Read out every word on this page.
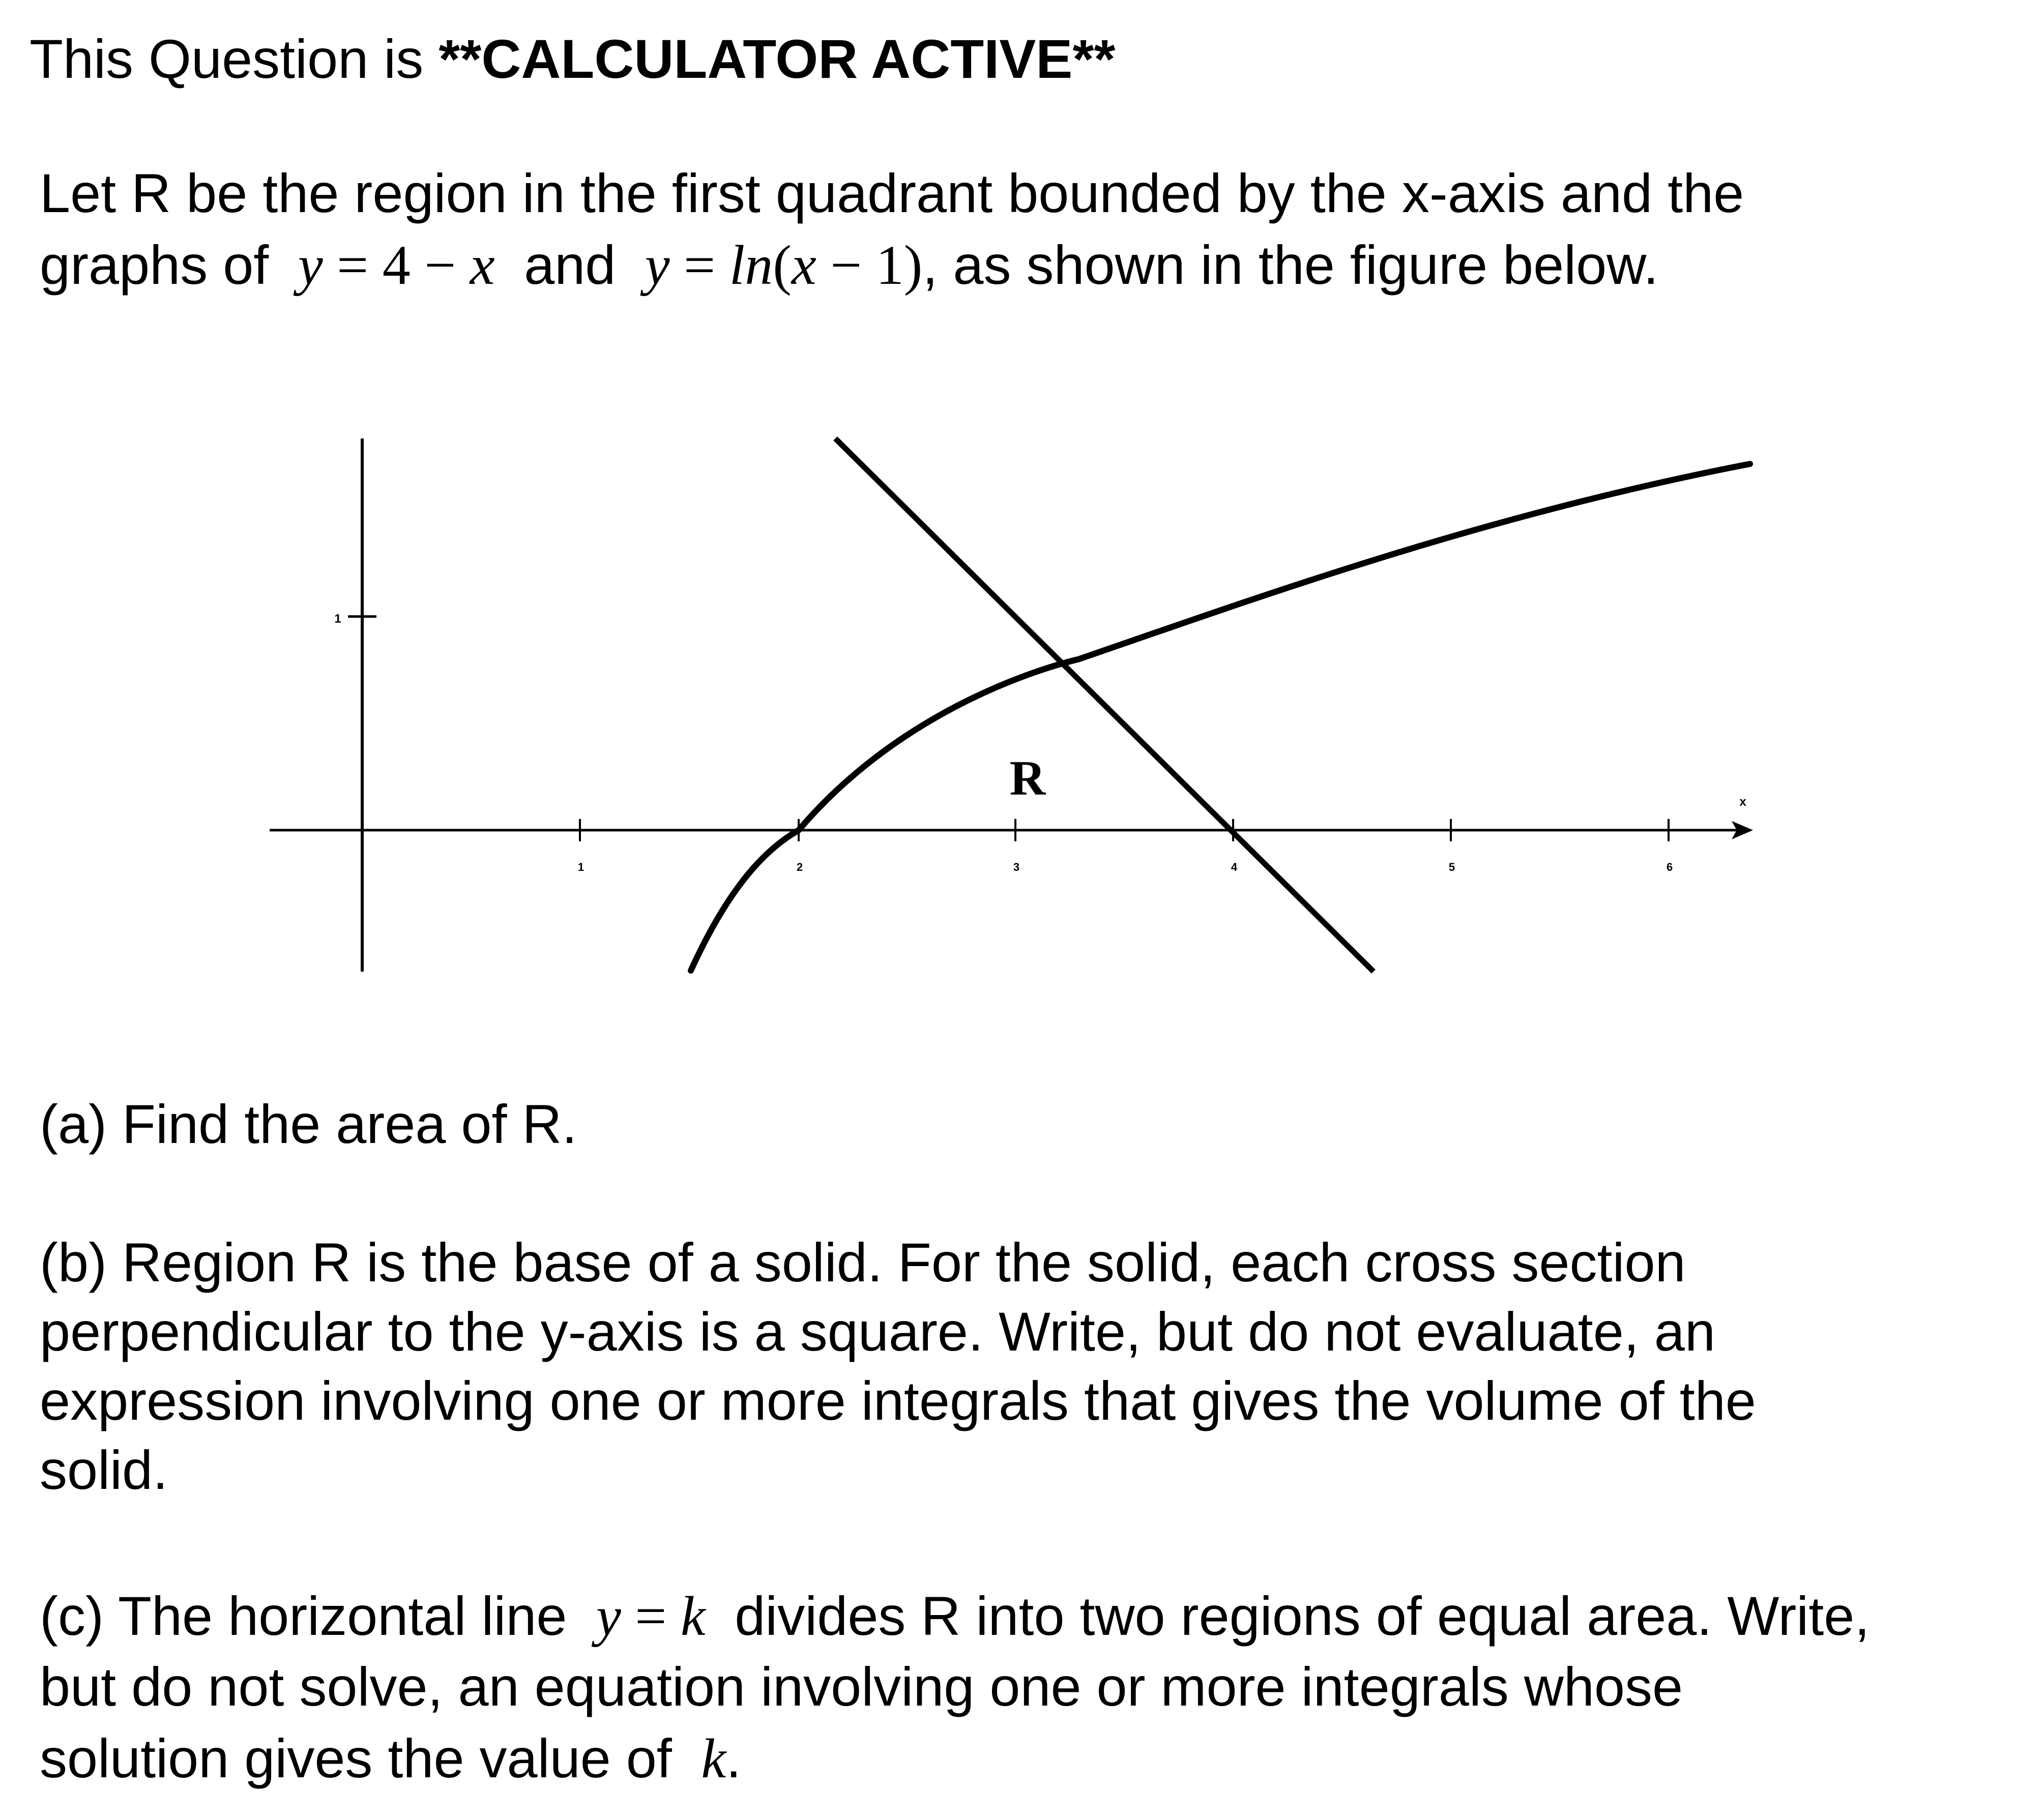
This Question is **CALCULATOR ACTIVE**
Let R be the region in the first quadrant bounded by the x-axis and the
graphs of y = 4 − x and y = ln(x − 1), as shown in the figure below.
1
x
1	2	3	4	5	6
R
(a) Find the area of R.
(b) Region R is the base of a solid. For the solid, each cross section
perpendicular to the y-axis is a square. Write, but do not evaluate, an
expression involving one or more integrals that gives the volume of the
solid.
(c) The horizontal line y = k divides R into two regions of equal area. Write,
but do not solve, an equation involving one or more integrals whose
solution gives the value of k.
